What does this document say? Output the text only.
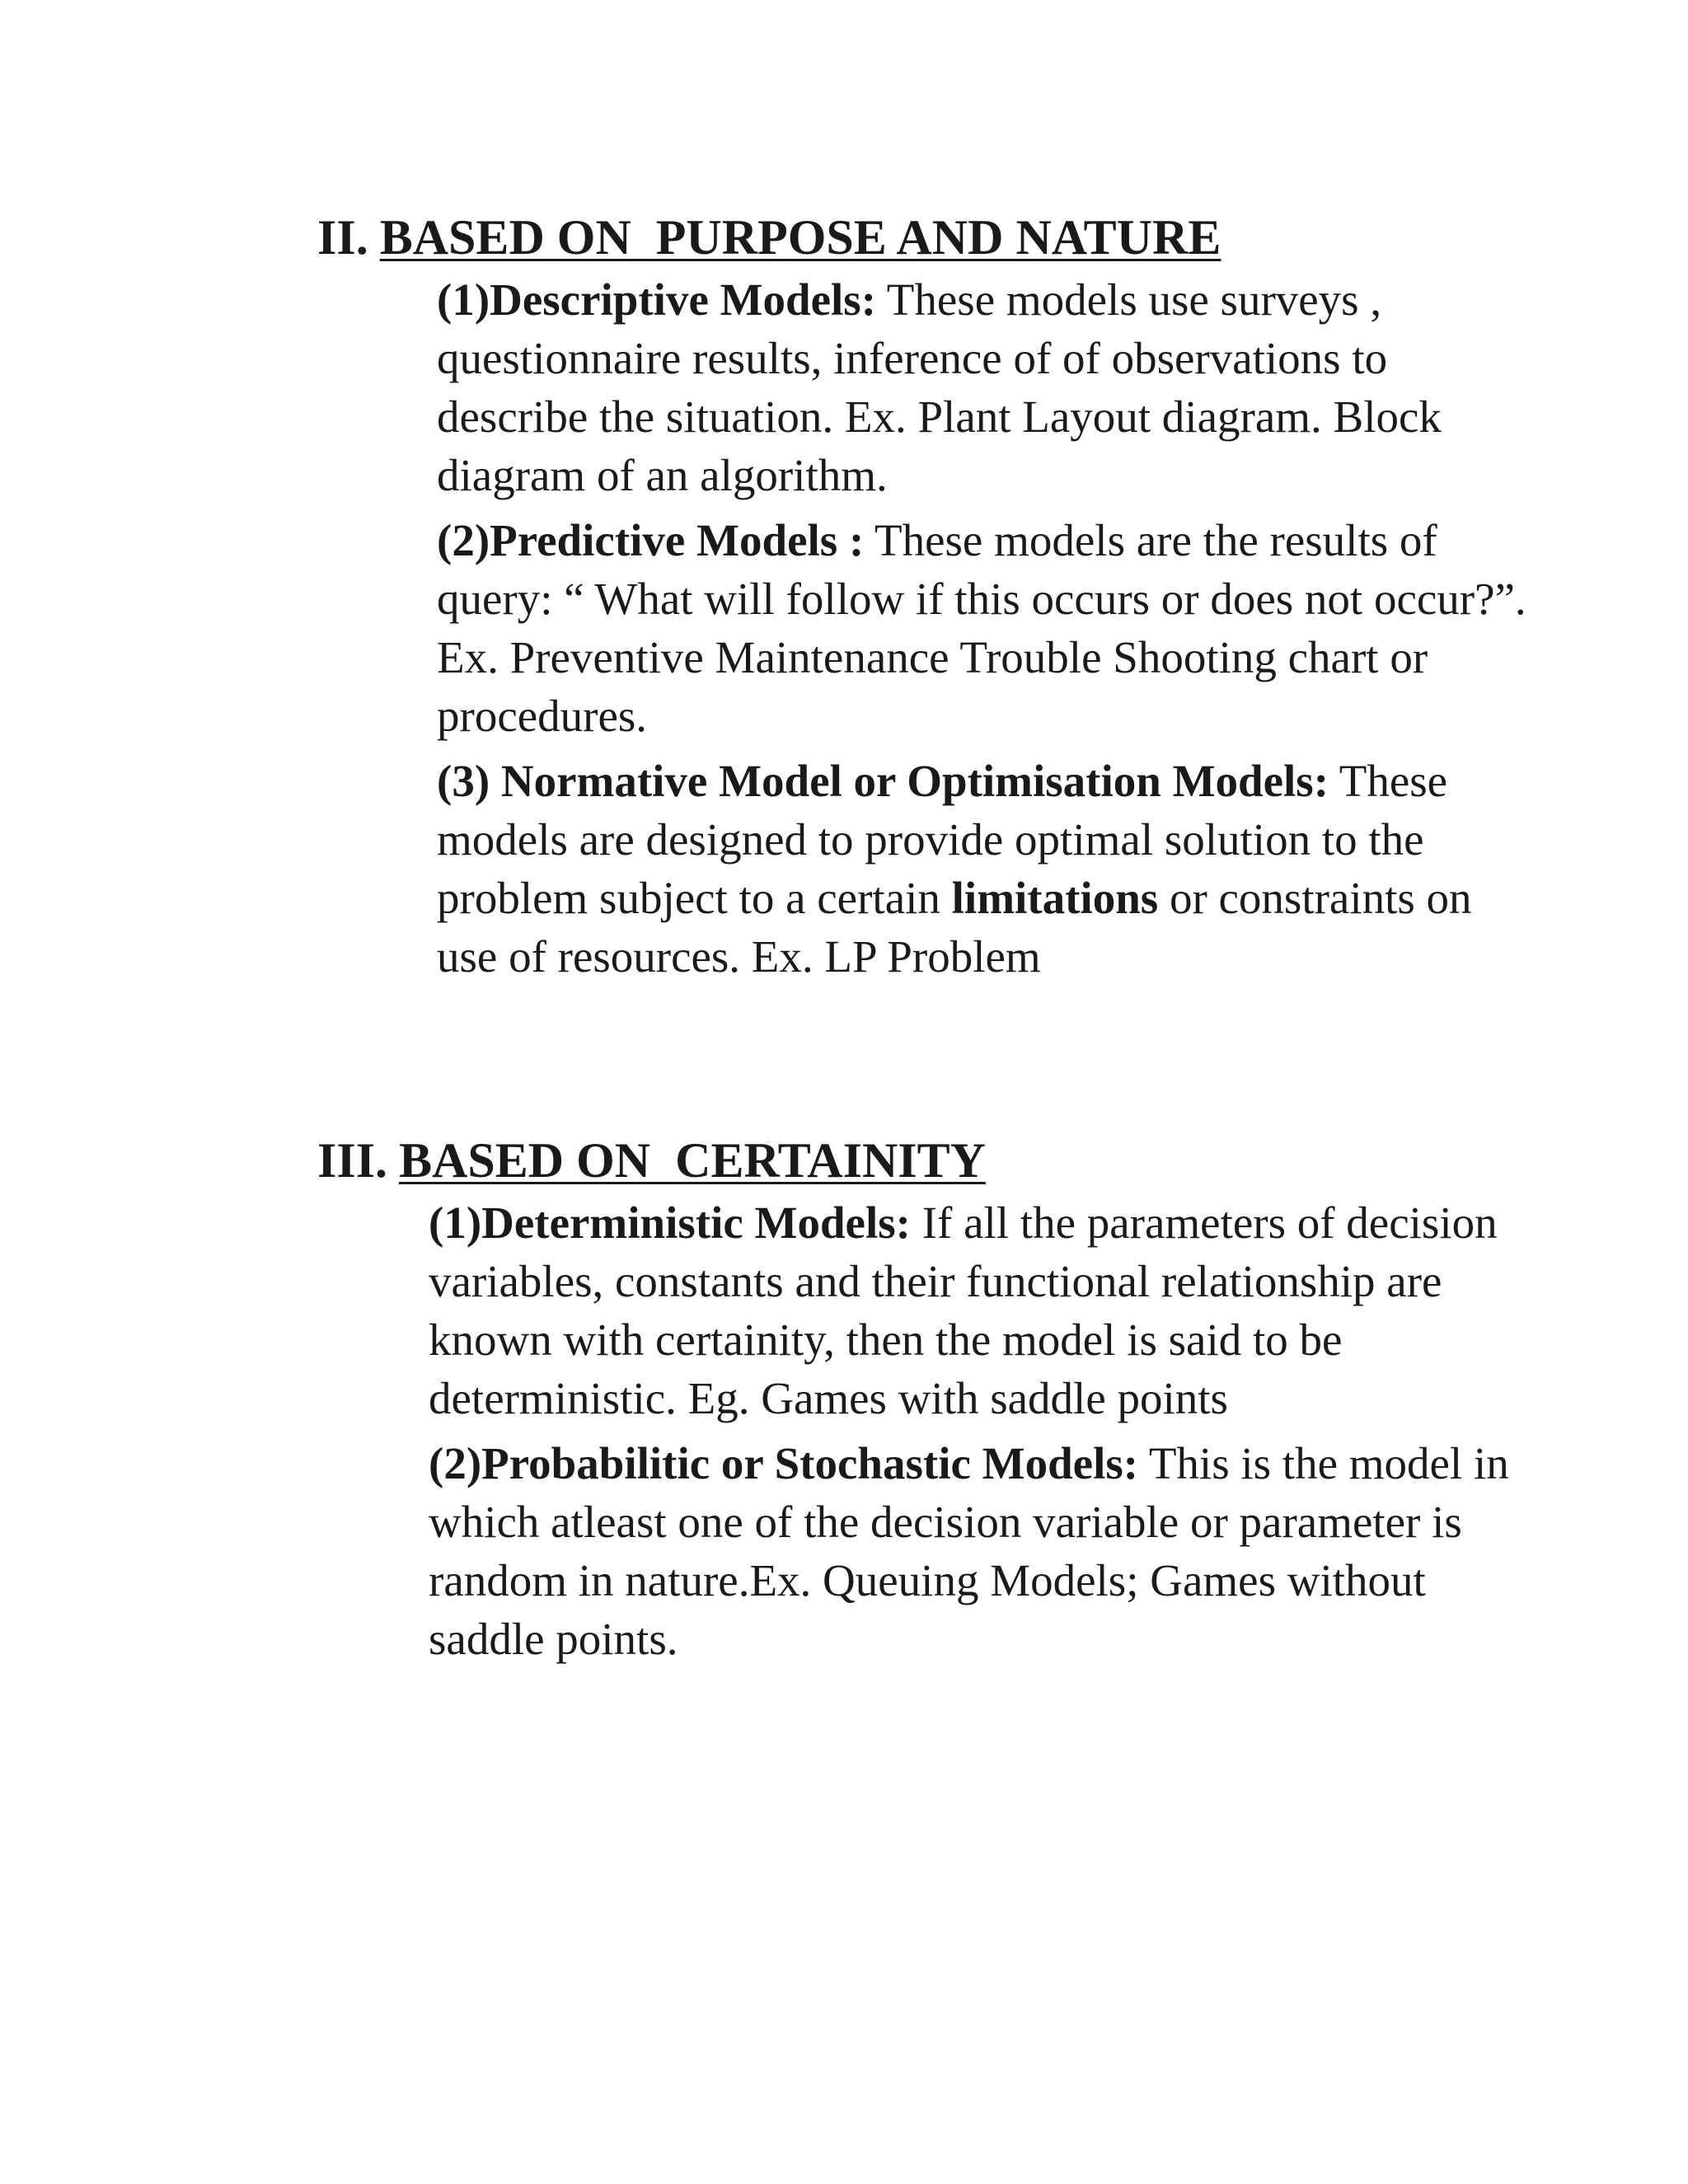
II. BASED ON  PURPOSE AND NATURE

(1)Descriptive Models: These models use surveys , questionnaire results, inference of of observations to describe the situation. Ex. Plant Layout diagram. Block diagram of an algorithm.

(2)Predictive Models : These models are the results of query: “ What will follow if this occurs or does not occur?”. Ex. Preventive Maintenance Trouble Shooting chart or procedures.

(3) Normative Model or Optimisation Models: These models are designed to provide optimal solution to the problem subject to a certain limitations or constraints on use of resources. Ex. LP Problem

III. BASED ON  CERTAINITY

(1)Deterministic Models: If all the parameters of decision variables, constants and their functional relationship are known with certainity, then the model is said to be deterministic. Eg. Games with saddle points

(2)Probabilitic or Stochastic Models: This is the model in which atleast one of the decision variable or parameter is random in nature.Ex. Queuing Models; Games without saddle points.
